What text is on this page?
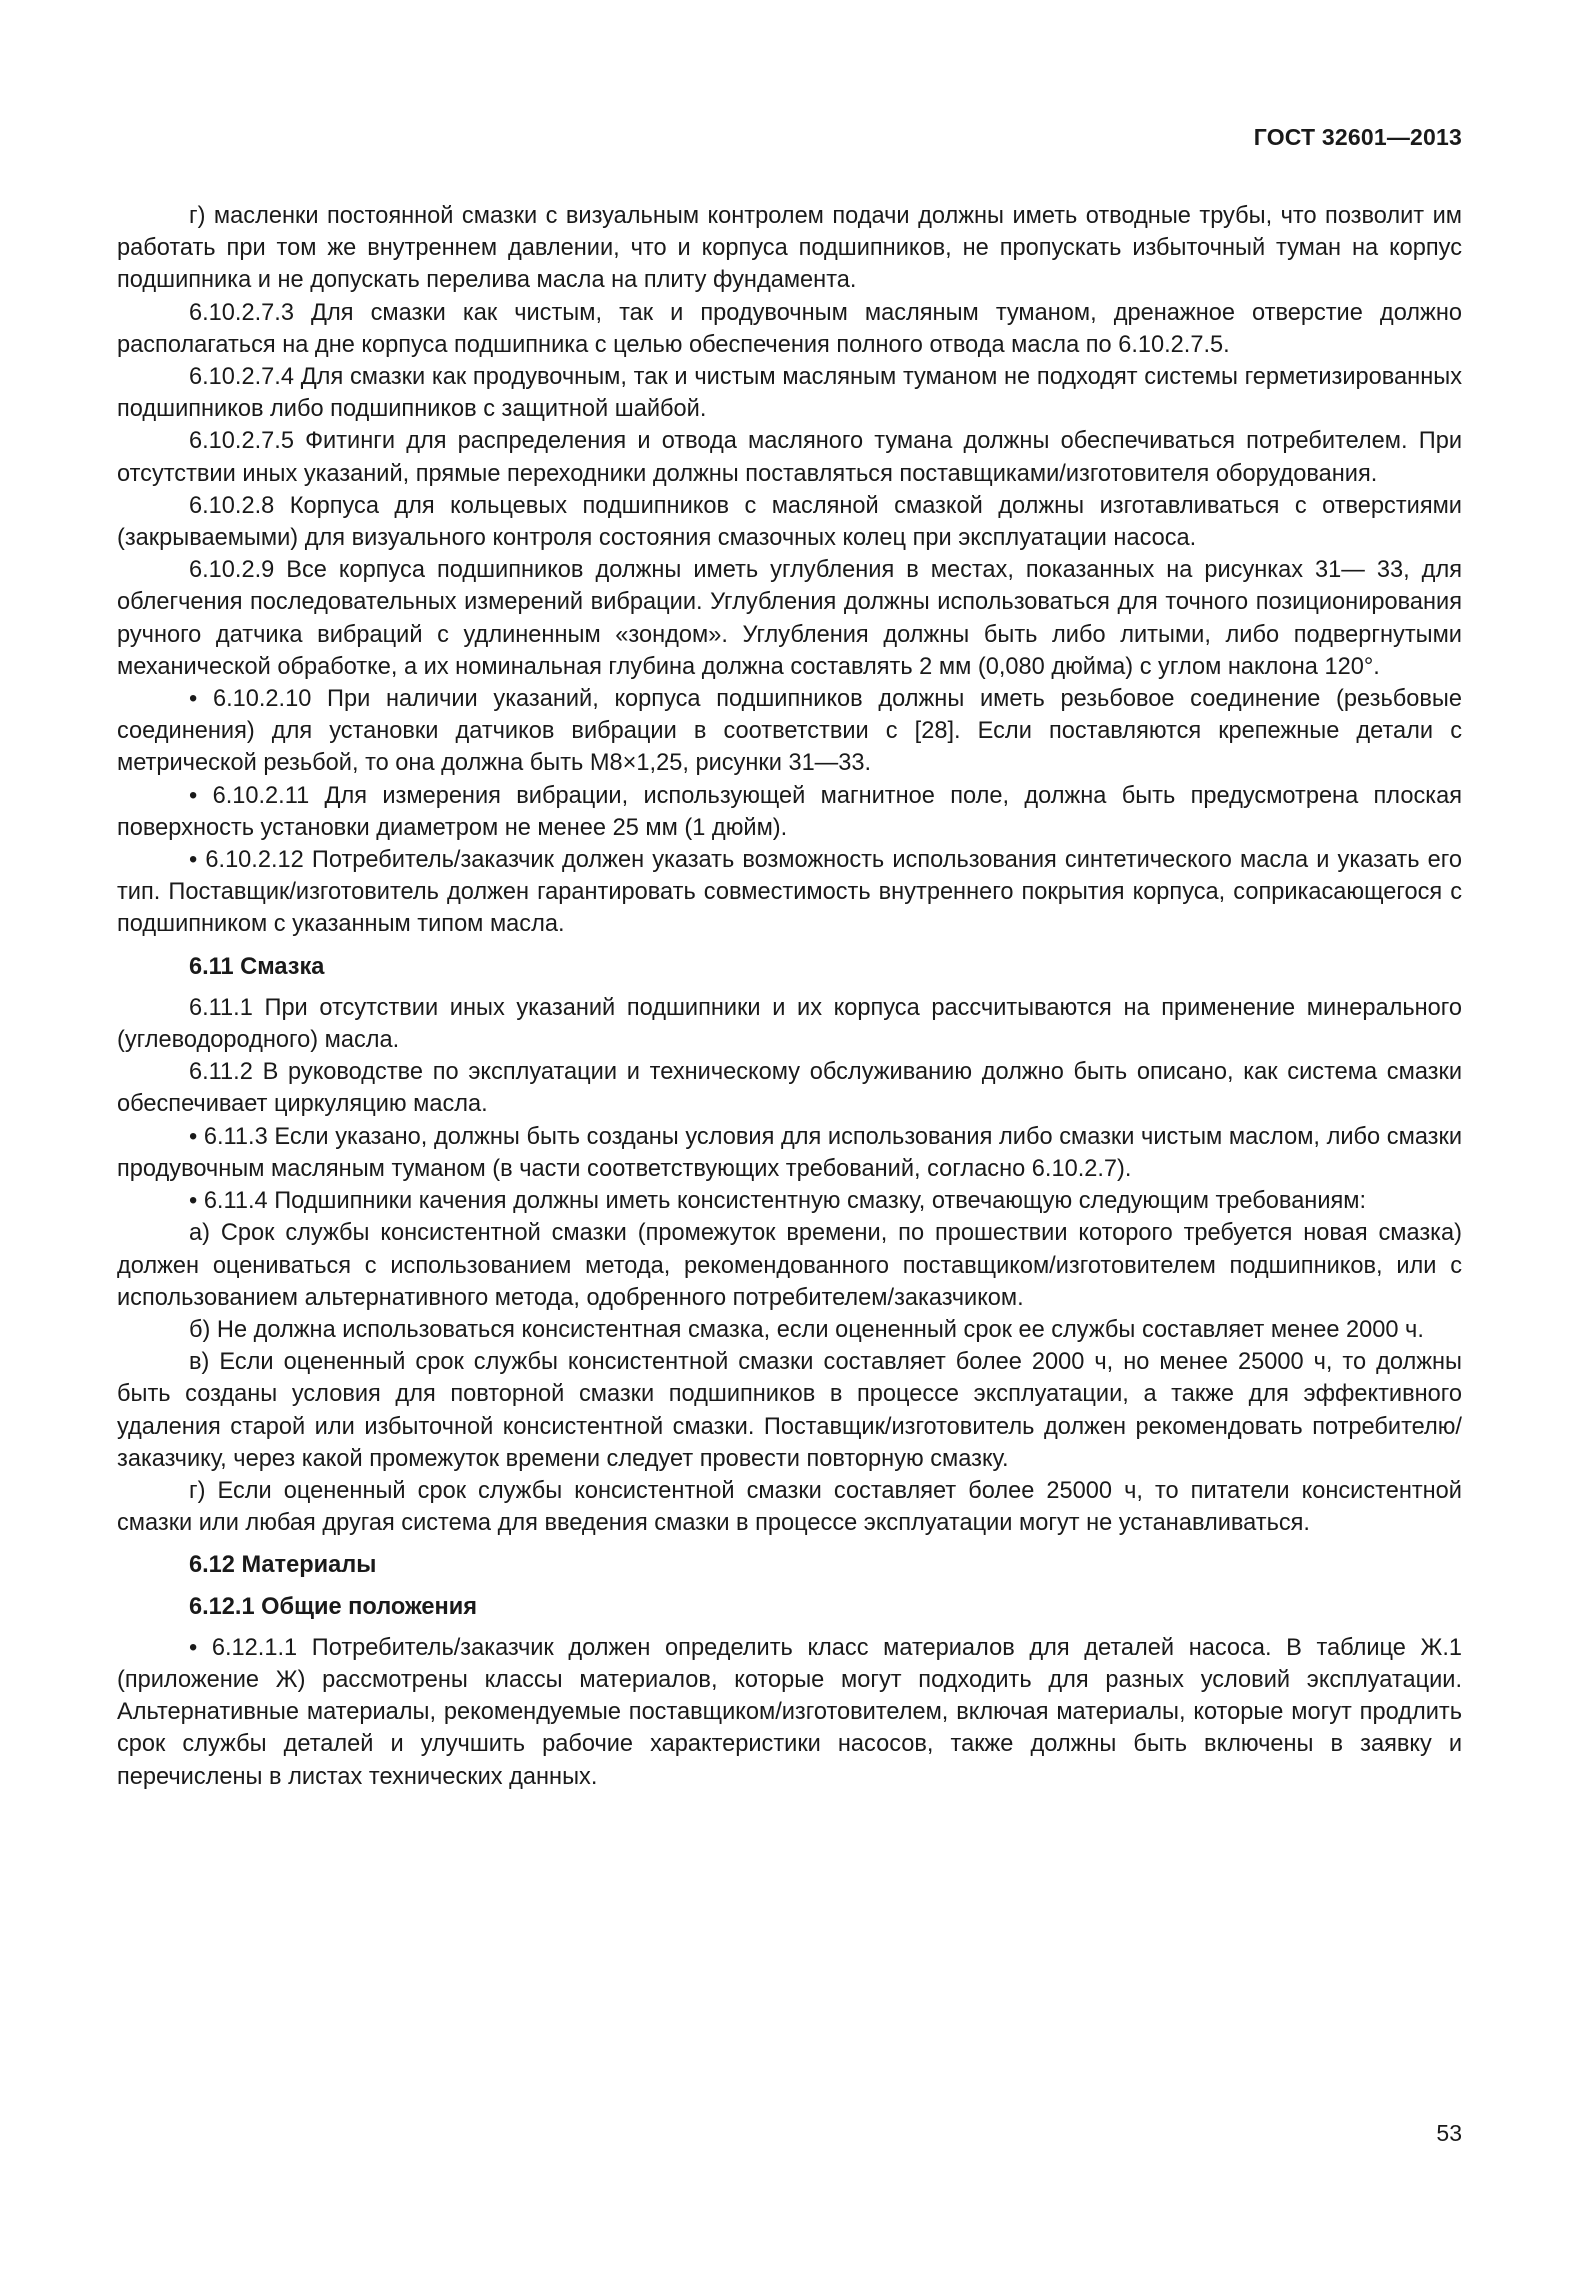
ГОСТ 32601—2013

г) масленки постоянной смазки с визуальным контролем подачи должны иметь отводные трубы, что позволит им работать при том же внутреннем давлении, что и корпуса подшипников, не пропускать избыточный туман на корпус подшипника и не допускать перелива масла на плиту фундамента.

6.10.2.7.3 Для смазки как чистым, так и продувочным масляным туманом, дренажное отверстие должно располагаться на дне корпуса подшипника с целью обеспечения полного отвода масла по 6.10.2.7.5.

6.10.2.7.4 Для смазки как продувочным, так и чистым масляным туманом не подходят системы герметизированных подшипников либо подшипников с защитной шайбой.

6.10.2.7.5 Фитинги для распределения и отвода масляного тумана должны обеспечиваться потребителем. При отсутствии иных указаний, прямые переходники должны поставляться поставщиками/изготовителя оборудования.

6.10.2.8 Корпуса для кольцевых подшипников с масляной смазкой должны изготавливаться с отверстиями (закрываемыми) для визуального контроля состояния смазочных колец при эксплуатации насоса.

6.10.2.9 Все корпуса подшипников должны иметь углубления в местах, показанных на рисунках 31— 33, для облегчения последовательных измерений вибрации. Углубления должны использоваться для точного позиционирования ручного датчика вибраций с удлиненным «зондом». Углубления должны быть либо литыми, либо подвергнутыми механической обработке, а их номинальная глубина должна составлять 2 мм (0,080 дюйма) с углом наклона 120°.

• 6.10.2.10 При наличии указаний, корпуса подшипников должны иметь резьбовое соединение (резьбовые соединения) для установки датчиков вибрации в соответствии с [28]. Если поставляются крепежные детали с метрической резьбой, то она должна быть М8×1,25, рисунки 31—33.

• 6.10.2.11 Для измерения вибрации, использующей магнитное поле, должна быть предусмотрена плоская поверхность установки диаметром не менее 25 мм (1 дюйм).

• 6.10.2.12 Потребитель/заказчик должен указать возможность использования синтетического масла и указать его тип. Поставщик/изготовитель должен гарантировать совместимость внутреннего покрытия корпуса, соприкасающегося с подшипником с указанным типом масла.

6.11 Смазка

6.11.1 При отсутствии иных указаний подшипники и их корпуса рассчитываются на применение минерального (углеводородного) масла.

6.11.2 В руководстве по эксплуатации и техническому обслуживанию должно быть описано, как система смазки обеспечивает циркуляцию масла.

• 6.11.3 Если указано, должны быть созданы условия для использования либо смазки чистым маслом, либо смазки продувочным масляным туманом (в части соответствующих требований, согласно 6.10.2.7).

• 6.11.4 Подшипники качения должны иметь консистентную смазку, отвечающую следующим требованиям:

а) Срок службы консистентной смазки (промежуток времени, по прошествии которого требуется новая смазка) должен оцениваться с использованием метода, рекомендованного поставщиком/изготовителем подшипников, или с использованием альтернативного метода, одобренного потребителем/заказчиком.

б) Не должна использоваться консистентная смазка, если оцененный срок ее службы составляет менее 2000 ч.

в) Если оцененный срок службы консистентной смазки составляет более 2000 ч, но менее 25000 ч, то должны быть созданы условия для повторной смазки подшипников в процессе эксплуатации, а также для эффективного удаления старой или избыточной консистентной смазки. Поставщик/изготовитель должен рекомендовать потребителю/заказчику, через какой промежуток времени следует провести повторную смазку.

г) Если оцененный срок службы консистентной смазки составляет более 25000 ч, то питатели консистентной смазки или любая другая система для введения смазки в процессе эксплуатации могут не устанавливаться.

6.12 Материалы

6.12.1 Общие положения

• 6.12.1.1 Потребитель/заказчик должен определить класс материалов для деталей насоса. В таблице Ж.1 (приложение Ж) рассмотрены классы материалов, которые могут подходить для разных условий эксплуатации. Альтернативные материалы, рекомендуемые поставщиком/изготовителем, включая материалы, которые могут продлить срок службы деталей и улучшить рабочие характеристики насосов, также должны быть включены в заявку и перечислены в листах технических данных.

53
